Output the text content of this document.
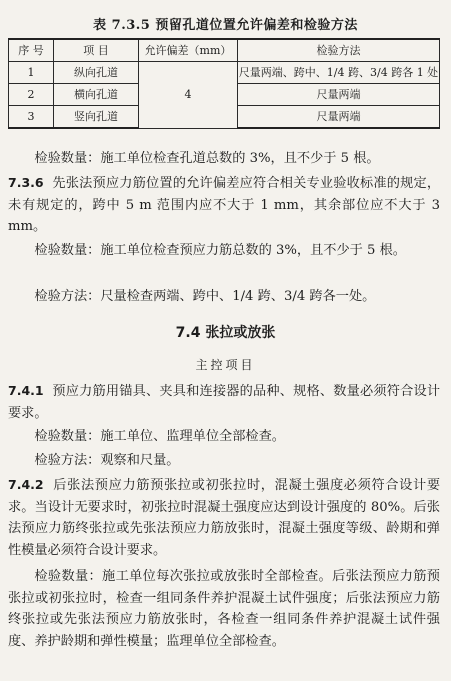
表 7.3.5 预留孔道位置允许偏差和检验方法
序 号	项 目	允许偏差（mm）	检验方法
1	纵向孔道	4	尺量两端、跨中、1/4 跨、3/4 跨各 1 处
2	横向孔道		尺量两端
3	竖向孔道		尺量两端

检验数量：施工单位检查孔道总数的 3%，且不少于 5 根。

7.3.6 先张法预应力筋位置的允许偏差应符合相关专业验收标准的规定，未有规定的，跨中 5 m 范围内应不大于 1 mm，其余部位应不大于 3 mm。

检验数量：施工单位检查预应力筋总数的 3%，且不少于 5 根。

检验方法：尺量检查两端、跨中、1/4 跨、3/4 跨各一处。

7.4 张拉或放张
主控项目

7.4.1 预应力筋用锚具、夹具和连接器的品种、规格、数量必须符合设计要求。

检验数量：施工单位、监理单位全部检查。

检验方法：观察和尺量。

7.4.2 后张法预应力筋预张拉或初张拉时，混凝土强度必须符合设计要求。当设计无要求时，初张拉时混凝土强度应达到设计强度的 80%。后张法预应力筋终张拉或先张法预应力筋放张时，混凝土强度等级、龄期和弹性模量必须符合设计要求。

检验数量：施工单位每次张拉或放张时全部检查。后张法预应力筋预张拉或初张拉时，检查一组同条件养护混凝土试件强度；后张法预应力筋终张拉或先张法预应力筋放张时，各检查一组同条件养护混凝土试件强度、养护龄期和弹性模量；监理单位全部检查。
